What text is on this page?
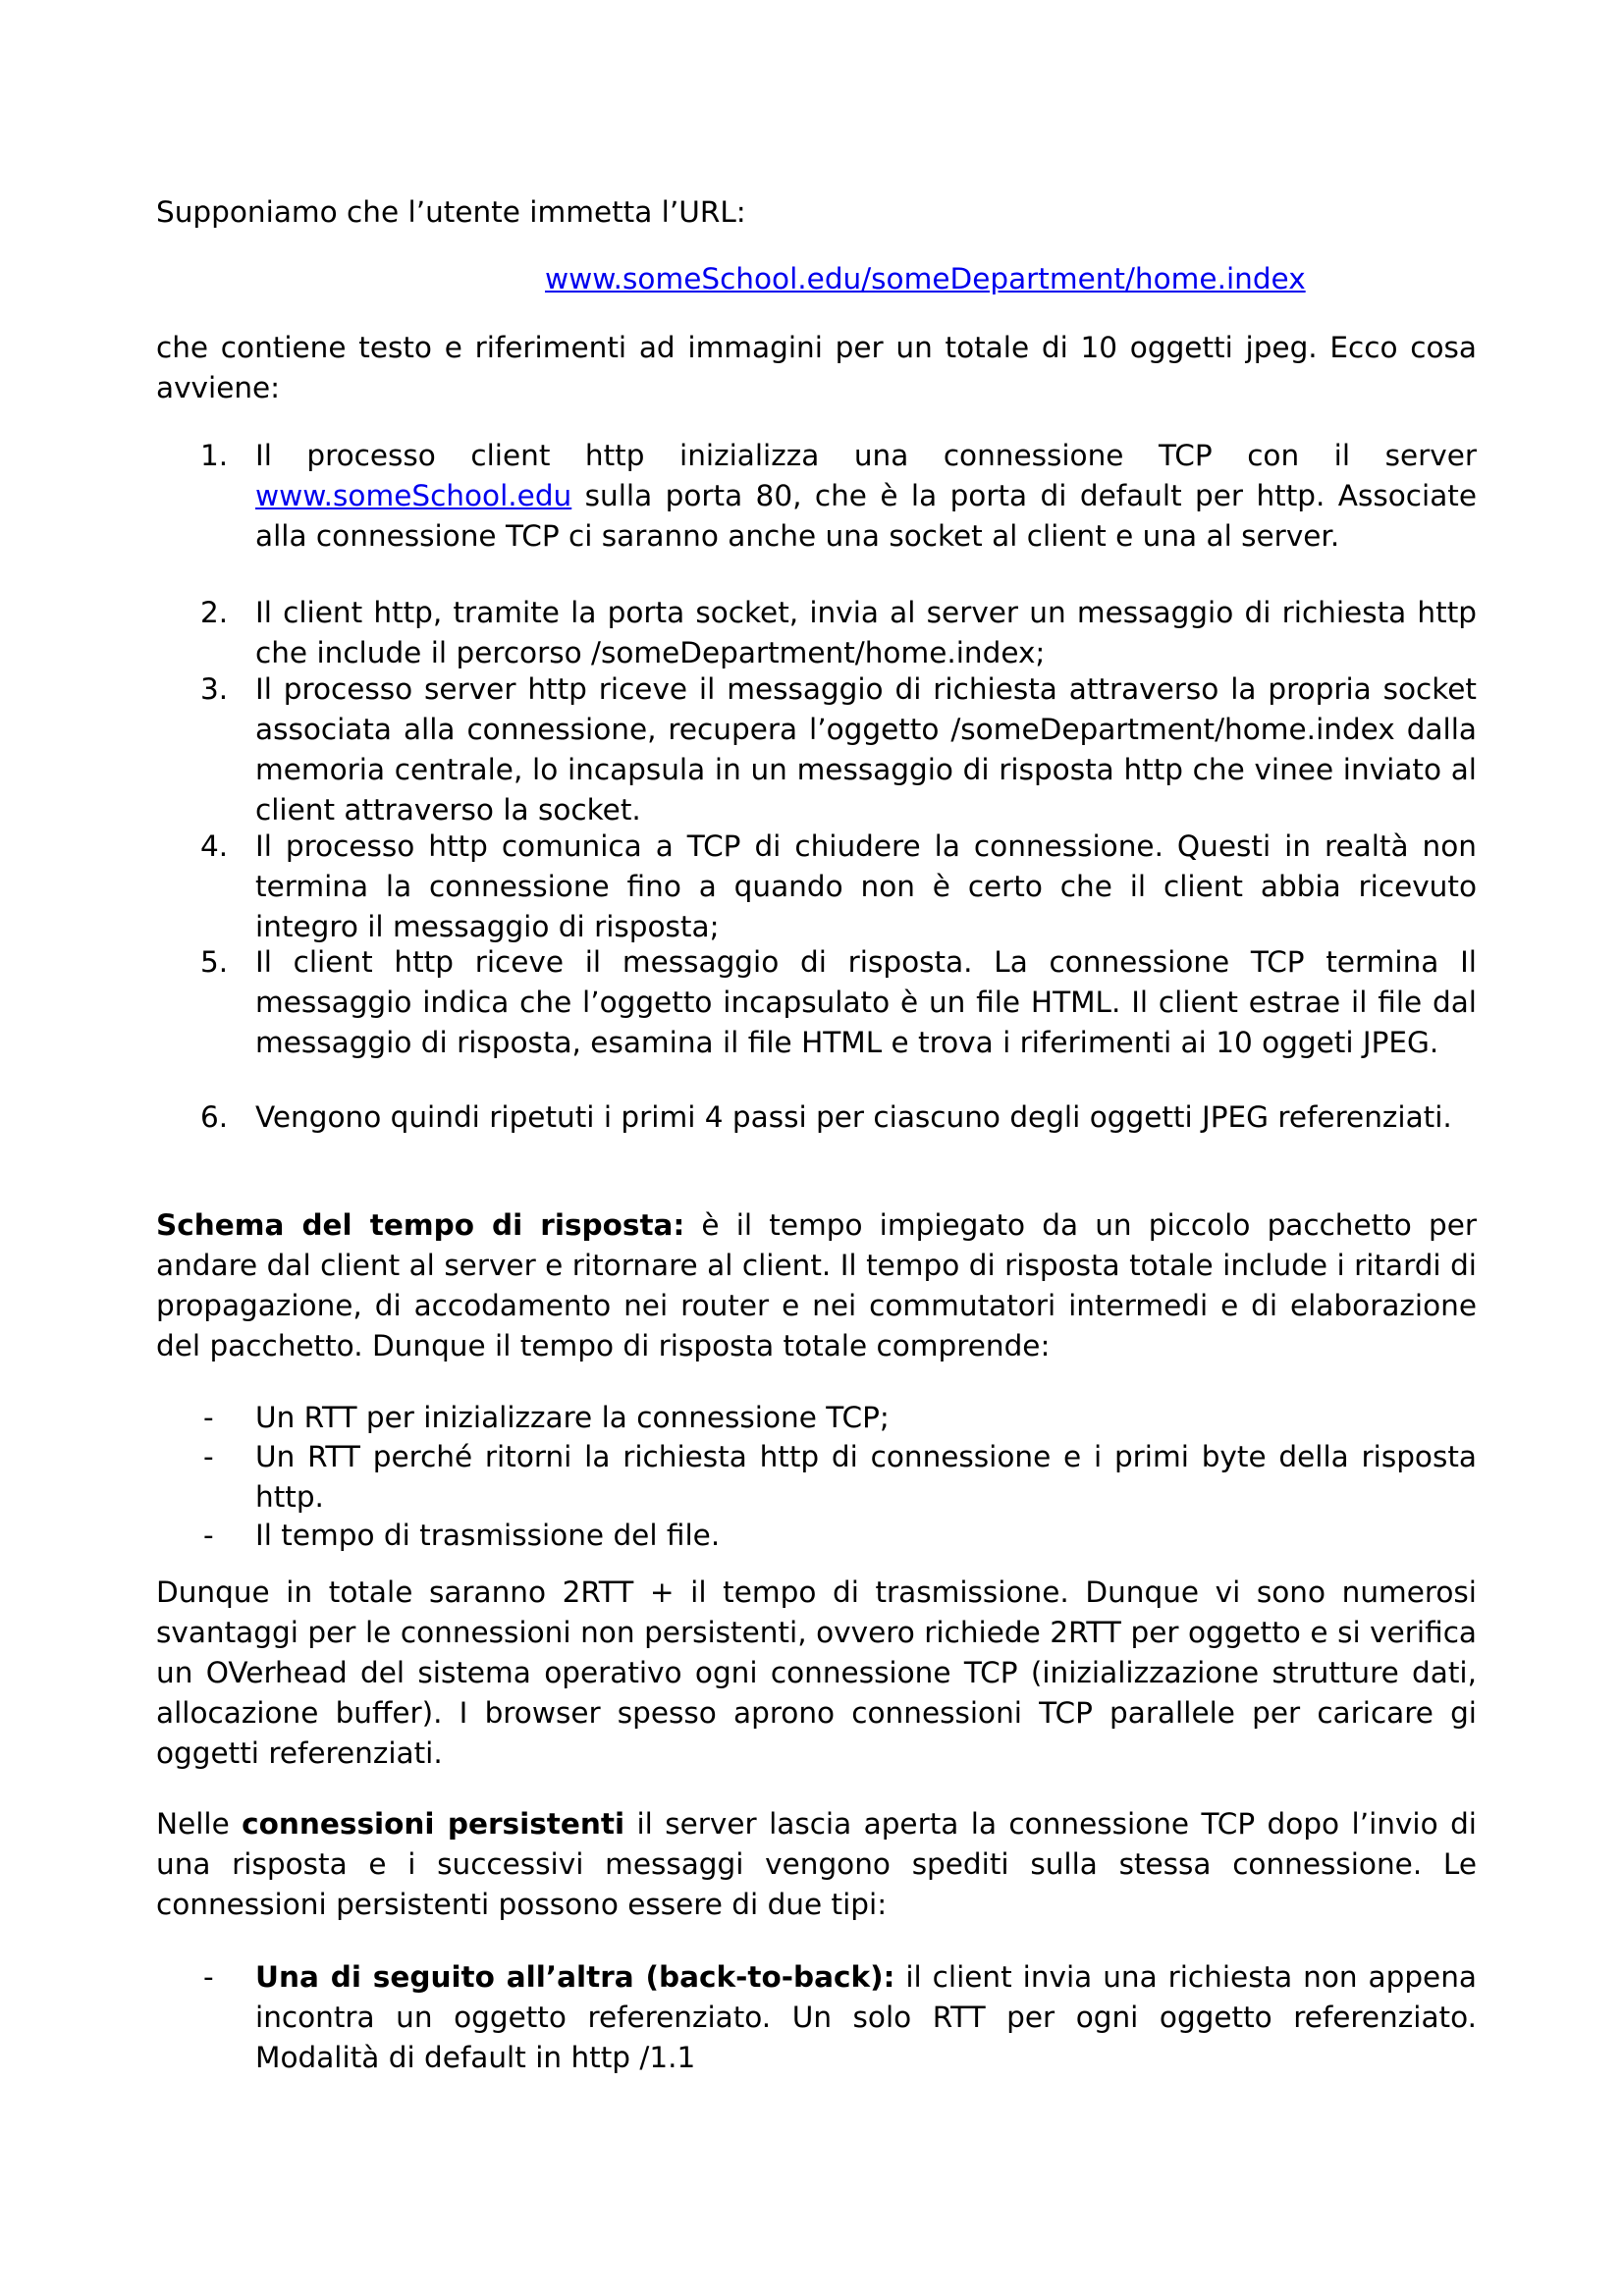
Supponiamo che l’utente immetta l’URL:

www.someSchool.edu/someDepartment/home.index

che contiene testo e riferimenti ad immagini per un totale di 10 oggetti jpeg. Ecco cosa avviene:

1. Il processo client http inizializza una connessione TCP con il server www.someSchool.edu sulla porta 80, che è la porta di default per http. Associate alla connessione TCP ci saranno anche una socket al client e una al server.

2. Il client http, tramite la porta socket, invia al server un messaggio di richiesta http che include il percorso /someDepartment/home.index;

3. Il processo server http riceve il messaggio di richiesta attraverso la propria socket associata alla connessione, recupera l’oggetto /someDepartment/home.index dalla memoria centrale, lo incapsula in un messaggio di risposta http che vinee inviato al client attraverso la socket.

4. Il processo http comunica a TCP di chiudere la connessione. Questi in realtà non termina la connessione fino a quando non è certo che il client abbia ricevuto integro il messaggio di risposta;

5. Il client http riceve il messaggio di risposta. La connessione TCP termina Il messaggio indica che l’oggetto incapsulato è un file HTML. Il client estrae il file dal messaggio di risposta, esamina il file HTML e trova i riferimenti ai 10 oggeti JPEG.

6. Vengono quindi ripetuti i primi 4 passi per ciascuno degli oggetti JPEG referenziati.

Schema del tempo di risposta: è il tempo impiegato da un piccolo pacchetto per andare dal client al server e ritornare al client. Il tempo di risposta totale include i ritardi di propagazione, di accodamento nei router e nei commutatori intermedi e di elaborazione del pacchetto. Dunque il tempo di risposta totale comprende:

- Un RTT per inizializzare la connessione TCP;

- Un RTT perché ritorni la richiesta http di connessione e i primi byte della risposta http.

- Il tempo di trasmissione del file.

Dunque in totale saranno 2RTT + il tempo di trasmissione. Dunque vi sono numerosi svantaggi per le connessioni non persistenti, ovvero richiede 2RTT per oggetto e si verifica un OVerhead del sistema operativo ogni connessione TCP (inizializzazione strutture dati, allocazione buffer). I browser spesso aprono connessioni TCP parallele per caricare gi oggetti referenziati.

Nelle connessioni persistenti il server lascia aperta la connessione TCP dopo l’invio di una risposta e i successivi messaggi vengono spediti sulla stessa connessione. Le connessioni persistenti possono essere di due tipi:

- Una di seguito all’altra (back-to-back): il client invia una richiesta non appena incontra un oggetto referenziato. Un solo RTT per ogni oggetto referenziato. Modalità di default in http /1.1
